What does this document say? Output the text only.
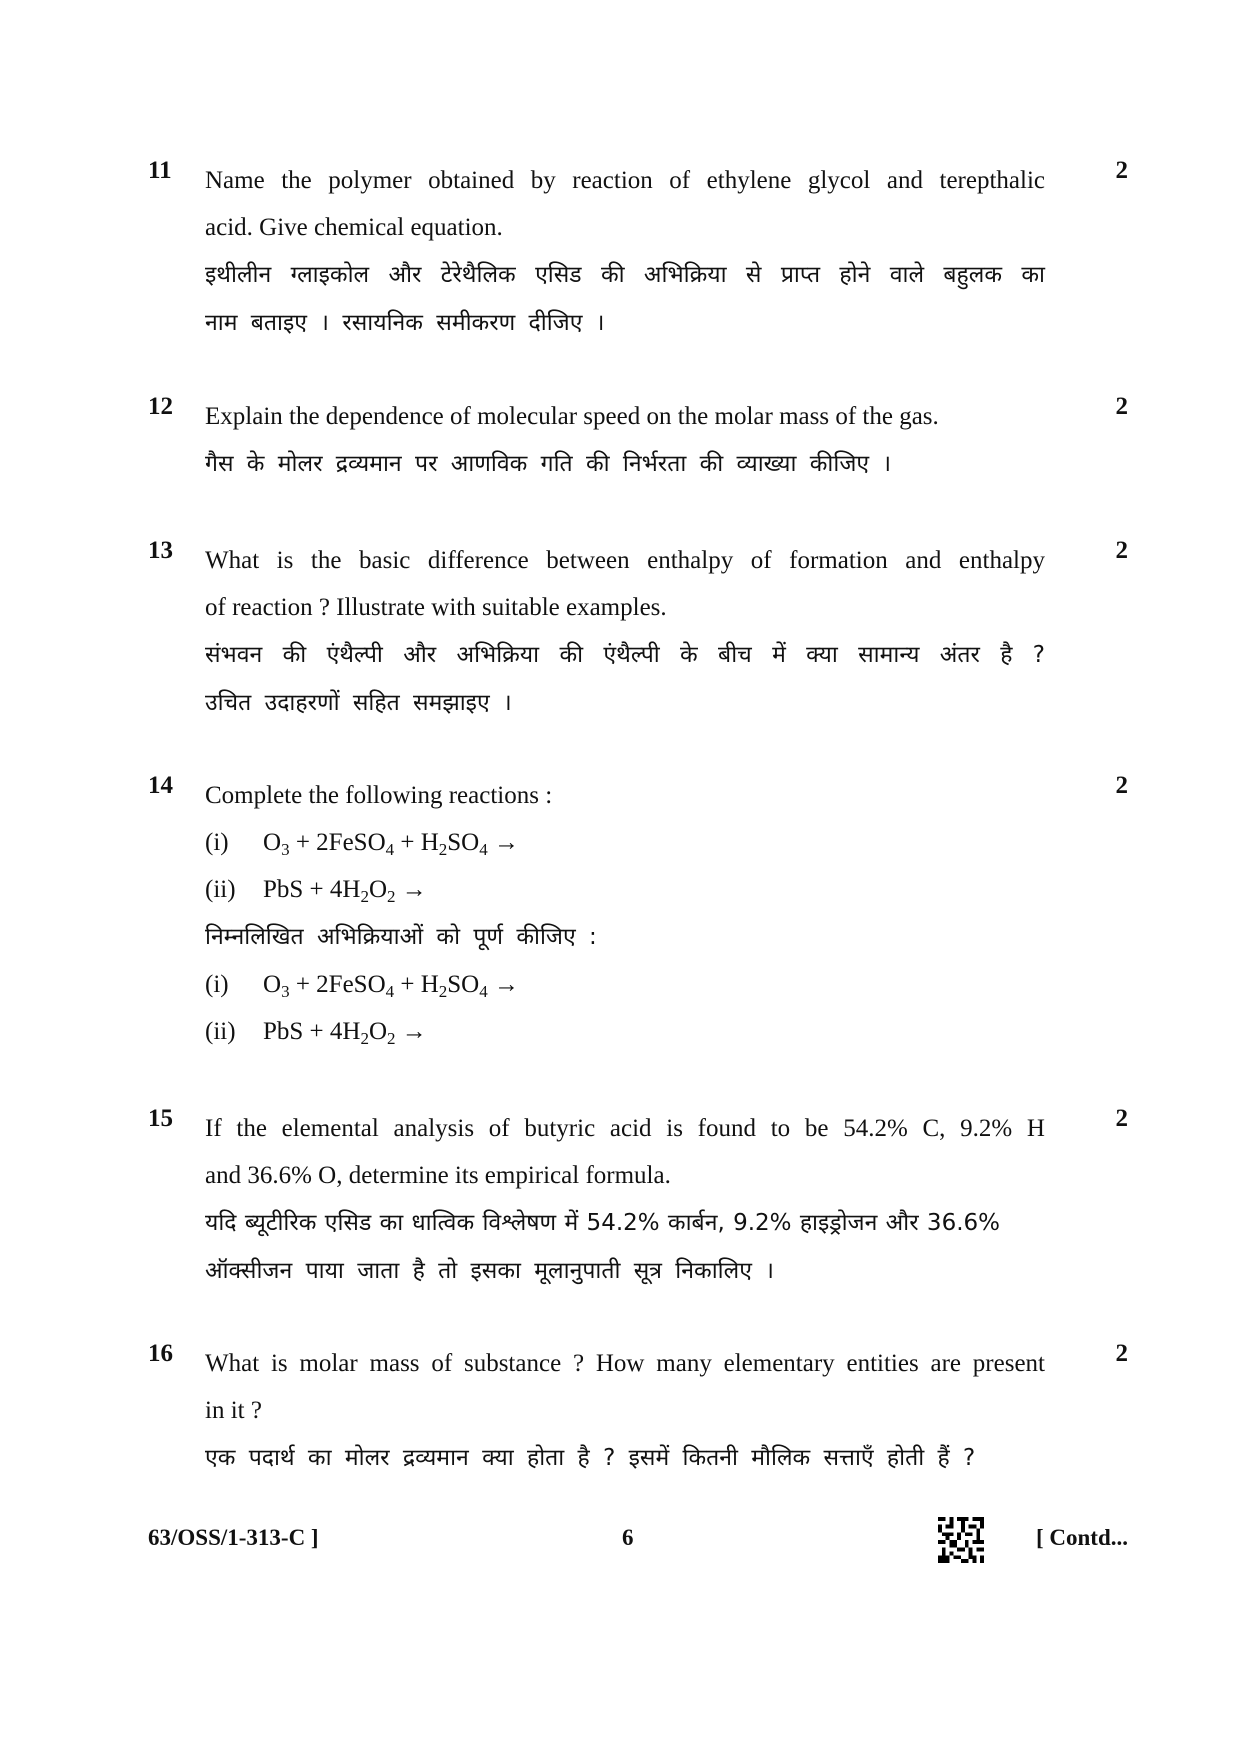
11	2

Name the polymer obtained by reaction of ethylene glycol and terepthalic

acid. Give chemical equation.

इथीलीन ग्लाइकोल और टेरेथैलिक एसिड की अभिक्रिया से प्राप्त होने वाले बहुलक का

नाम बताइए । रसायनिक समीकरण दीजिए ।

12	2

Explain the dependence of molecular speed on the molar mass of the gas.

गैस के मोलर द्रव्यमान पर आणविक गति की निर्भरता की व्याख्या कीजिए ।

13	2

What is the basic difference between enthalpy of formation and enthalpy

of reaction ? Illustrate with suitable examples.

संभवन की एंथैल्पी और अभिक्रिया की एंथैल्पी के बीच में क्या सामान्य अंतर है ?

उचित उदाहरणों सहित समझाइए ।

14	2

Complete the following reactions :

(i) $O_3$ + 2FeSO$_4$ + $H_2SO_4$ →

(ii) PbS + $4H_2O_2$ →

निम्नलिखित अभिक्रियाओं को पूर्ण कीजिए :

(i) $O_3$ + 2FeSO$_4$ + $H_2SO_4$ →

(ii) PbS + $4H_2O_2$ →

15	2

If the elemental analysis of butyric acid is found to be 54.2% C, 9.2% H

and 36.6% O, determine its empirical formula.

यदि ब्यूटीरिक एसिड का धात्विक विश्लेषण में 54.2% कार्बन, 9.2% हाइड्रोजन और 36.6%

ऑक्सीजन पाया जाता है तो इसका मूलानुपाती सूत्र निकालिए ।

16	2

What is molar mass of substance ? How many elementary entities are present

in it ?

एक पदार्थ का मोलर द्रव्यमान क्या होता है ? इसमें कितनी मौलिक सत्ताएँ होती हैं ?

63/OSS/1-313-C ]	6	[ Contd...
